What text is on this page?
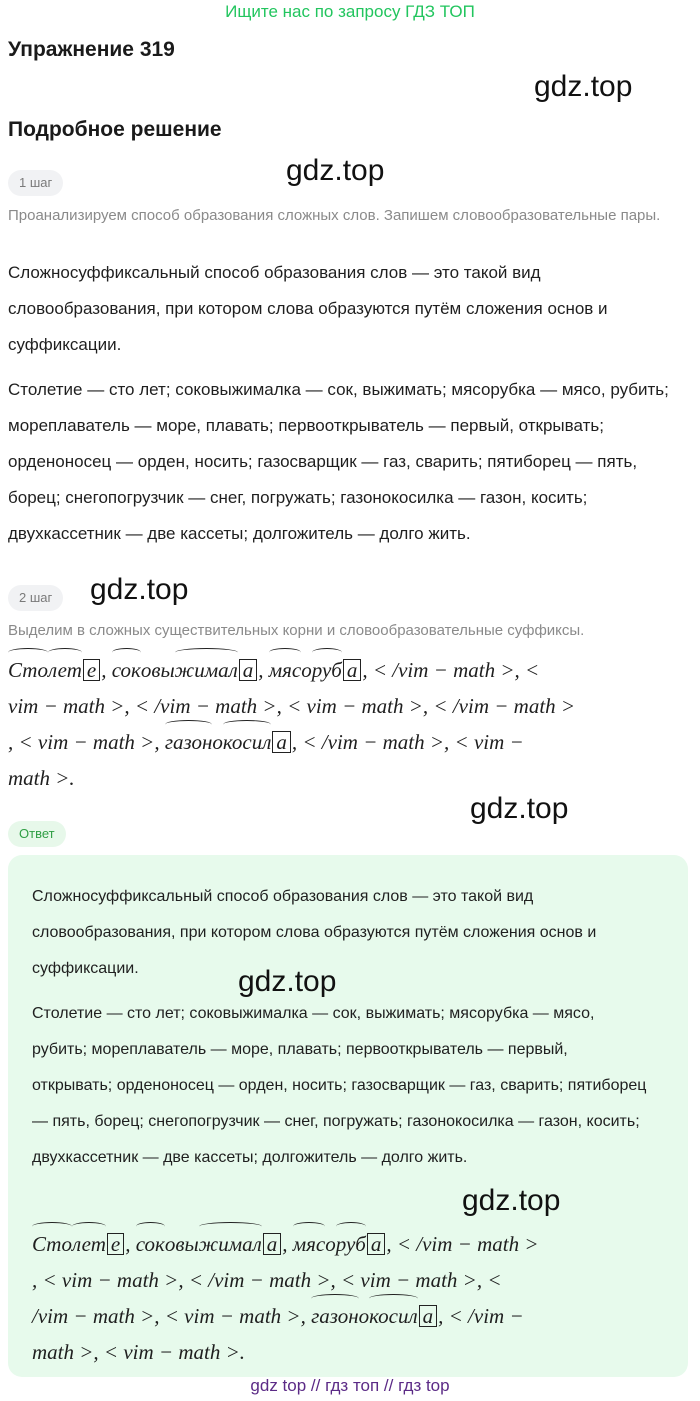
Ищите нас по запросу ГДЗ ТОП
Упражнение 319
gdz.top
Подробное решение
1 шаг	gdz.top
Проанализируем способ образования сложных слов. Запишем словообразовательные пары.
Сложносуффиксальный способ образования слов — это такой вид словообразования, при котором слова образуются путём сложения основ и суффиксации.
Столетие — сто лет; соковыжималка — сок, выжимать; мясорубка — мясо, рубить; мореплаватель — море, плавать; первооткрыватель — первый, открывать; орденоносец — орден, носить; газосварщик — газ, сварить; пятиборец — пять, борец; снегопогрузчик — снег, погружать; газонокосилка — газон, косить; двухкассетник — две кассеты; долгожитель — долго жить.
2 шаг	gdz.top
Выделим в сложных существительных корни и словообразовательные суффиксы.
Столет е , соковыжимал а , мясоруб а , < /vim − math >, <
vim − math >, < /vim − math >, < vim − math >, < /vim − math >
, < vim − math >, газонокосил а , < /vim − math >, < vim −
math >.
gdz.top
Ответ
Сложносуффиксальный способ образования слов — это такой вид словообразования, при котором слова образуются путём сложения основ и суффиксации.	gdz.top
Столетие — сто лет; соковыжималка — сок, выжимать; мясорубка — мясо, рубить; мореплаватель — море, плавать; первооткрыватель — первый, открывать; орденоносец — орден, носить; газосварщик — газ, сварить; пятиборец — пять, борец; снегопогрузчик — снег, погружать; газонокосилка — газон, косить; двухкассетник — две кассеты; долгожитель — долго жить.
gdz.top
Столет е , соковыжимал а , мясоруб а , < /vim − math >
, < vim − math >, < /vim − math >, < vim − math >, <
/vim − math >, < vim − math >, газонокосил а , < /vim −
math >, < vim − math >.
gdz top // гдз топ // гдз top
